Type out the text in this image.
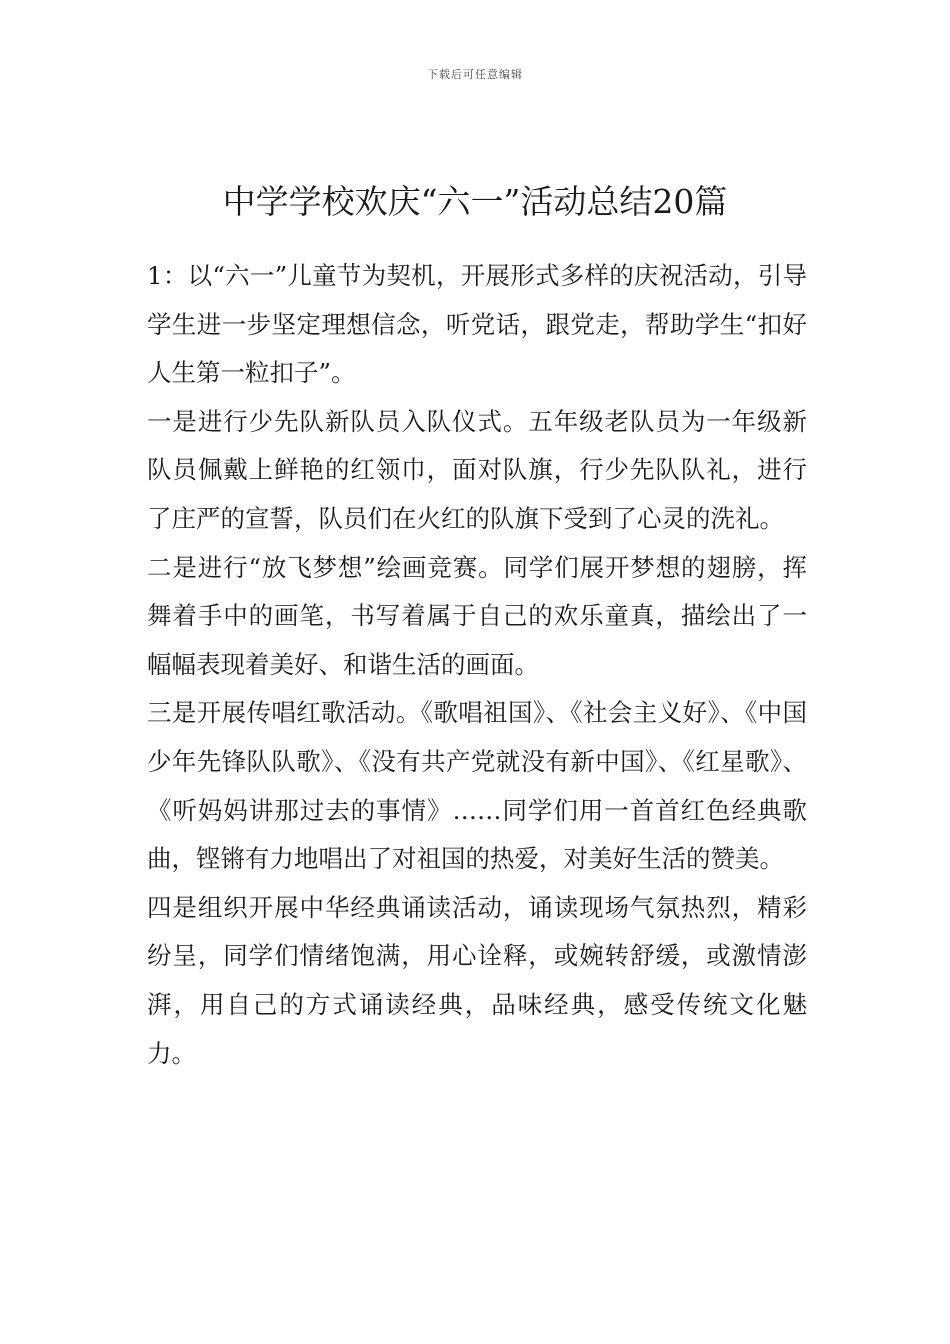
下载后可任意编辑
中学学校欢庆“六一”活动总结20篇

1：以“六一”儿童节为契机，开展形式多样的庆祝活动，引导学生进一步坚定理想信念，听党话，跟党走，帮助学生“扣好人生第一粒扣子”。

一是进行少先队新队员入队仪式。五年级老队员为一年级新队员佩戴上鲜艳的红领巾，面对队旗，行少先队队礼，进行了庄严的宣誓，队员们在火红的队旗下受到了心灵的洗礼。

二是进行“放飞梦想”绘画竞赛。同学们展开梦想的翅膀，挥舞着手中的画笔，书写着属于自己的欢乐童真，描绘出了一幅幅表现着美好、和谐生活的画面。

三是开展传唱红歌活动。《歌唱祖国》、《社会主义好》、《中国少年先锋队队歌》、《没有共产党就没有新中国》、《红星歌》、《听妈妈讲那过去的事情》……同学们用一首首红色经典歌曲，铿锵有力地唱出了对祖国的热爱，对美好生活的赞美。

四是组织开展中华经典诵读活动，诵读现场气氛热烈，精彩纷呈，同学们情绪饱满，用心诠释，或婉转舒缓，或激情澎湃，用自己的方式诵读经典，品味经典，感受传统文化魅力。
